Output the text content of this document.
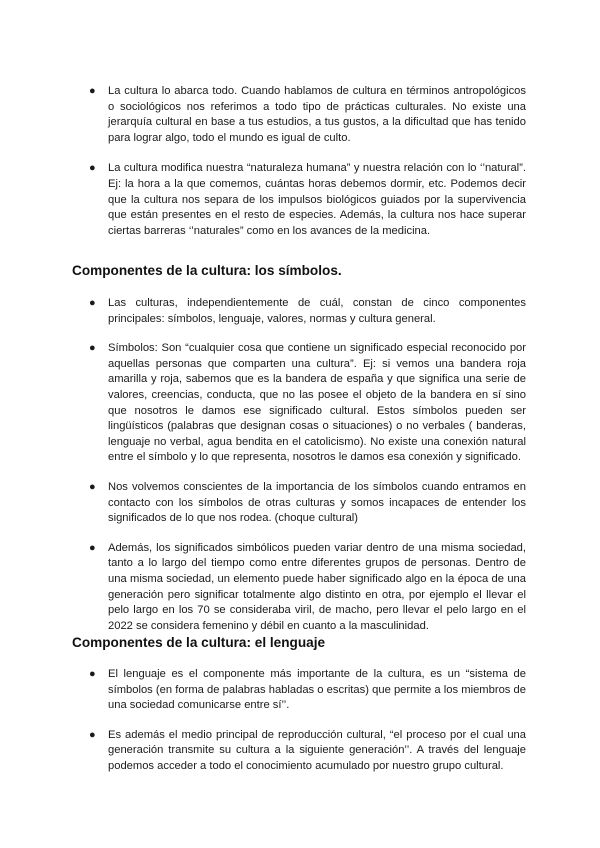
● La cultura lo abarca todo. Cuando hablamos de cultura en términos antropológicos o sociológicos nos referimos a todo tipo de prácticas culturales. No existe una jerarquía cultural en base a tus estudios, a tus gustos, a la dificultad que has tenido para lograr algo, todo el mundo es igual de culto.
● La cultura modifica nuestra “naturaleza humana” y nuestra relación con lo ‘’natural”. Ej: la hora a la que comemos, cuántas horas debemos dormir, etc. Podemos decir que la cultura nos separa de los impulsos biológicos guiados por la supervivencia que están presentes en el resto de especies. Además, la cultura nos hace superar ciertas barreras ‘’naturales” como en los avances de la medicina.
Componentes de la cultura: los símbolos.
● Las culturas, independientemente de cuál, constan de cinco componentes principales: símbolos, lenguaje, valores, normas y cultura general.
● Símbolos: Son “cualquier cosa que contiene un significado especial reconocido por aquellas personas que comparten una cultura”. Ej: si vemos una bandera roja amarilla y roja, sabemos que es la bandera de españa y que significa una serie de valores, creencias, conducta, que no las posee el objeto de la bandera en sí sino que nosotros le damos ese significado cultural. Estos símbolos pueden ser lingüísticos (palabras que designan cosas o situaciones) o no verbales ( banderas, lenguaje no verbal, agua bendita en el catolicismo). No existe una conexión natural entre el símbolo y lo que representa, nosotros le damos esa conexión y significado.
● Nos volvemos conscientes de la importancia de los símbolos cuando entramos en contacto con los símbolos de otras culturas y somos incapaces de entender los significados de lo que nos rodea. (choque cultural)
● Además, los significados simbólicos pueden variar dentro de una misma sociedad, tanto a lo largo del tiempo como entre diferentes grupos de personas. Dentro de una misma sociedad, un elemento puede haber significado algo en la época de una generación pero significar totalmente algo distinto en otra, por ejemplo el llevar el pelo largo en los 70 se consideraba viril, de macho, pero llevar el pelo largo en el 2022 se considera femenino y débil en cuanto a la masculinidad.
Componentes de la cultura: el lenguaje
● El lenguaje es el componente más importante de la cultura, es un “sistema de símbolos (en forma de palabras habladas o escritas) que permite a los miembros de una sociedad comunicarse entre sí’’.
● Es además el medio principal de reproducción cultural, “el proceso por el cual una generación transmite su cultura a la siguiente generación’’. A través del lenguaje podemos acceder a todo el conocimiento acumulado por nuestro grupo cultural.
